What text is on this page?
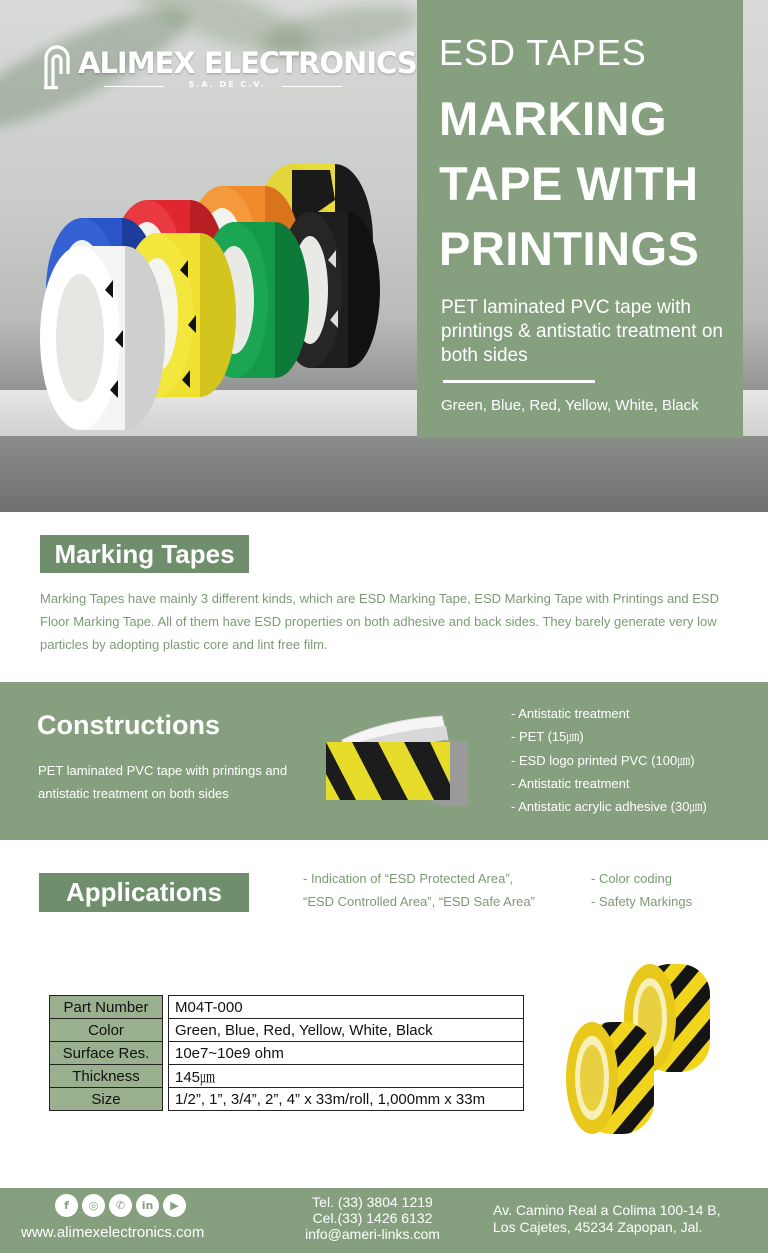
ALIMEX ELECTRONICS
S.A. DE C.V.
ESD TAPES
MARKING TAPE WITH PRINTINGS
PET laminated PVC tape with printings & antistatic treatment on both sides
Green, Blue, Red, Yellow, White, Black
Marking Tapes
Marking Tapes have mainly 3 different kinds, which are ESD Marking Tape, ESD Marking Tape with Printings and ESD Floor Marking Tape. All of them have ESD properties on both adhesive and back sides. They barely generate very low particles by adopting plastic core and lint free film.
Constructions
PET laminated PVC tape with printings and antistatic treatment on both sides
- Antistatic treatment
- PET (15㎛)
- ESD logo printed PVC (100㎛)
- Antistatic treatment
- Antistatic acrylic adhesive (30㎛)
Applications	- Indication of “ESD Protected Area”,
“ESD Controlled Area”, “ESD Safe Area”
- Color coding
- Safety Markings
Part Number		M04T-000
Color		Green, Blue, Red, Yellow, White, Black
Surface Res.		10e7~10e9 ohm
Thickness		145㎛
Size		1/2”, 1”, 3/4”, 2”, 4” x 33m/roll, 1,000mm x 33m
f	◎	✆	in	▶
www.alimexelectronics.com
Tel. (33) 3804 1219
Cel.(33) 1426 6132
info@ameri-links.com
Av. Camino Real a Colima 100-14 B,
Los Cajetes, 45234 Zapopan, Jal.
